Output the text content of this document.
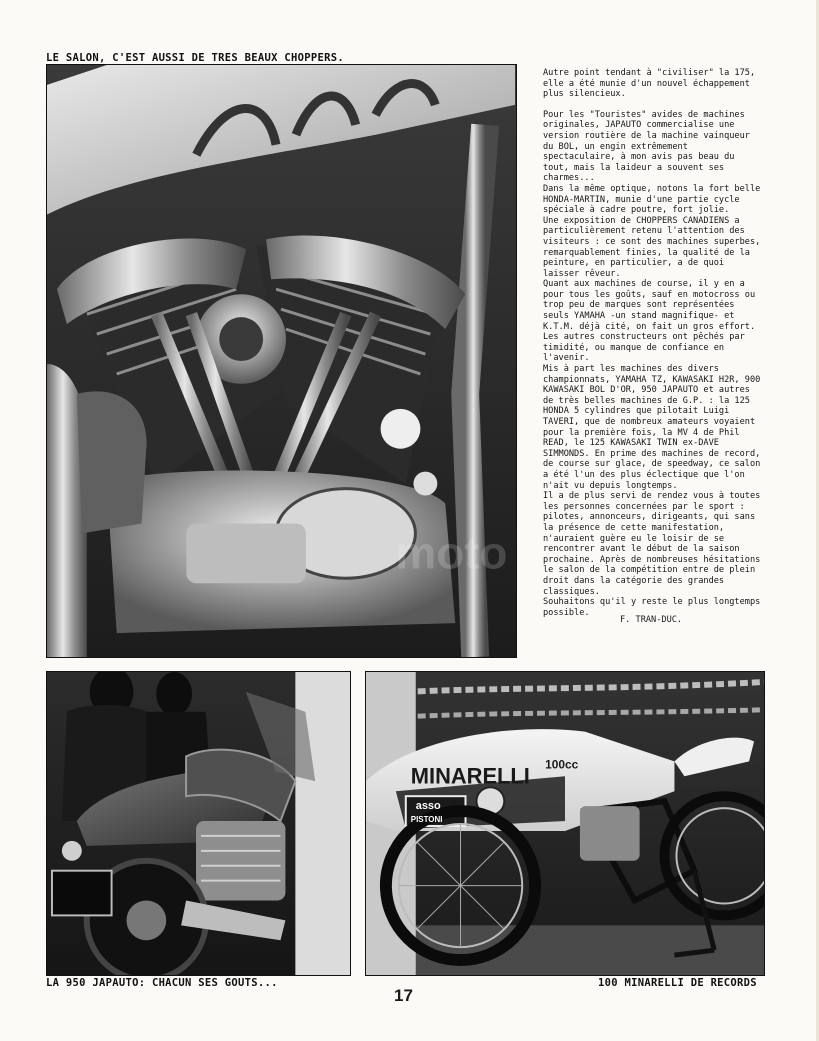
LE SALON, C'EST AUSSI DE TRES BEAUX CHOPPERS.
moto

Autre point tendant à "civiliser" la 175, elle a été munie d'un nouvel échappement plus silencieux.

Pour les "Touristes" avides de machines originales, JAPAUTO commercialise une version routière de la machine vainqueur du BOL, un engin extrêmement spectaculaire, à mon avis pas beau du tout, mais la laideur a souvent ses charmes...

Dans la même optique, notons la fort belle HONDA-MARTIN, munie d'une partie cycle spéciale à cadre poutre, fort jolie.

Une exposition de CHOPPERS CANADIENS a particulièrement retenu l'attention des visiteurs : ce sont des machines superbes, remarquablement finies, la qualité de la peinture, en particulier, a de quoi laisser rêveur.

Quant aux machines de course, il y en a pour tous les goûts, sauf en motocross ou trop peu de marques sont représentées seuls YAMAHA -un stand magnifique- et K.T.M. déjà cité, on fait un gros effort. Les autres constructeurs ont pêchés par timidité, ou manque de confiance en l'avenir.

Mis à part les machines des divers championnats, YAMAHA TZ, KAWASAKI H2R, 900 KAWASAKI BOL D'OR, 950 JAPAUTO et autres de très belles machines de G.P. : la 125 HONDA 5 cylindres que pilotait Luigi TAVERI, que de nombreux amateurs voyaient pour la première fois, la MV 4 de Phil READ, le 125 KAWASAKI TWIN ex-DAVE SIMMONDS. En prime des machines de record, de course sur glace, de speedway, ce salon a été l'un des plus éclectique que l'on n'ait vu depuis longtemps.

Il a de plus servi de rendez vous à toutes les personnes concernées par le sport : pilotes, annonceurs, dirigeants, qui sans la présence de cette manifestation, n'auraient guère eu le loisir de se rencontrer avant le début de la saison prochaine. Après de nombreuses hésitations le salon de la compétition entre de plein droit dans la catégorie des grandes classiques.

Souhaitons qu'il y reste le plus longtemps possible.

F. TRAN-DUC.
LA 950 JAPAUTO: CHACUN SES GOUTS...
MINARELLI 100cc
asso
PISTONI
100 MINARELLI DE RECORDS
17
